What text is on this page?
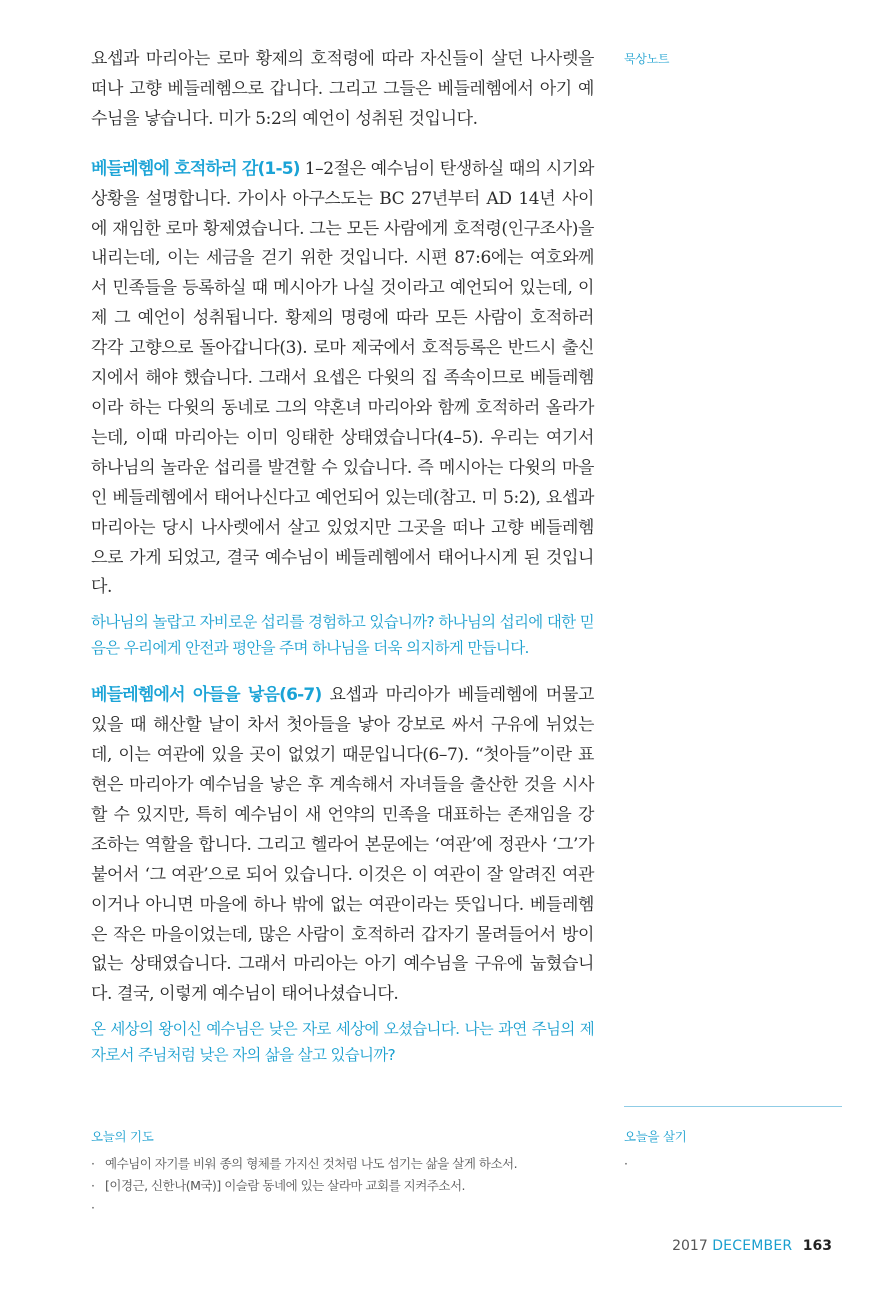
묵상노트

요셉과 마리아는 로마 황제의 호적령에 따라 자신들이 살던 나사렛을 떠나 고향 베들레헴으로 갑니다. 그리고 그들은 베들레헴에서 아기 예수님을 낳습니다. 미가 5:2의 예언이 성취된 것입니다.

베들레헴에 호적하러 감(1-5) 1–2절은 예수님이 탄생하실 때의 시기와 상황을 설명합니다. 가이사 아구스도는 BC 27년부터 AD 14년 사이에 재임한 로마 황제였습니다. 그는 모든 사람에게 호적령(인구조사)을 내리는데, 이는 세금을 걷기 위한 것입니다. 시편 87:6에는 여호와께서 민족들을 등록하실 때 메시아가 나실 것이라고 예언되어 있는데, 이제 그 예언이 성취됩니다. 황제의 명령에 따라 모든 사람이 호적하러 각각 고향으로 돌아갑니다(3). 로마 제국에서 호적등록은 반드시 출신지에서 해야 했습니다. 그래서 요셉은 다윗의 집 족속이므로 베들레헴이라 하는 다윗의 동네로 그의 약혼녀 마리아와 함께 호적하러 올라가는데, 이때 마리아는 이미 잉태한 상태였습니다(4–5). 우리는 여기서 하나님의 놀라운 섭리를 발견할 수 있습니다. 즉 메시아는 다윗의 마을인 베들레헴에서 태어나신다고 예언되어 있는데(참고. 미 5:2), 요셉과 마리아는 당시 나사렛에서 살고 있었지만 그곳을 떠나 고향 베들레헴으로 가게 되었고, 결국 예수님이 베들레헴에서 태어나시게 된 것입니다.

하나님의 놀랍고 자비로운 섭리를 경험하고 있습니까? 하나님의 섭리에 대한 믿음은 우리에게 안전과 평안을 주며 하나님을 더욱 의지하게 만듭니다.

베들레헴에서 아들을 낳음(6-7) 요셉과 마리아가 베들레헴에 머물고 있을 때 해산할 날이 차서 첫아들을 낳아 강보로 싸서 구유에 뉘었는데, 이는 여관에 있을 곳이 없었기 때문입니다(6–7). “첫아들”이란 표현은 마리아가 예수님을 낳은 후 계속해서 자녀들을 출산한 것을 시사할 수 있지만, 특히 예수님이 새 언약의 민족을 대표하는 존재임을 강조하는 역할을 합니다. 그리고 헬라어 본문에는 ‘여관’에 정관사 ‘그’가 붙어서 ‘그 여관’으로 되어 있습니다. 이것은 이 여관이 잘 알려진 여관이거나 아니면 마을에 하나 밖에 없는 여관이라는 뜻입니다. 베들레헴은 작은 마을이었는데, 많은 사람이 호적하러 갑자기 몰려들어서 방이 없는 상태였습니다. 그래서 마리아는 아기 예수님을 구유에 눕혔습니다. 결국, 이렇게 예수님이 태어나셨습니다.

온 세상의 왕이신 예수님은 낮은 자로 세상에 오셨습니다. 나는 과연 주님의 제자로서 주님처럼 낮은 자의 삶을 살고 있습니까?

오늘의 기도
· 예수님이 자기를 비워 종의 형체를 가지신 것처럼 나도 섬기는 삶을 살게 하소서.
· [이경근, 신한나(M국)] 이슬람 동네에 있는 살라마 교회를 지켜주소서.
·
오늘을 살기
·
2017 DECEMBER 163
